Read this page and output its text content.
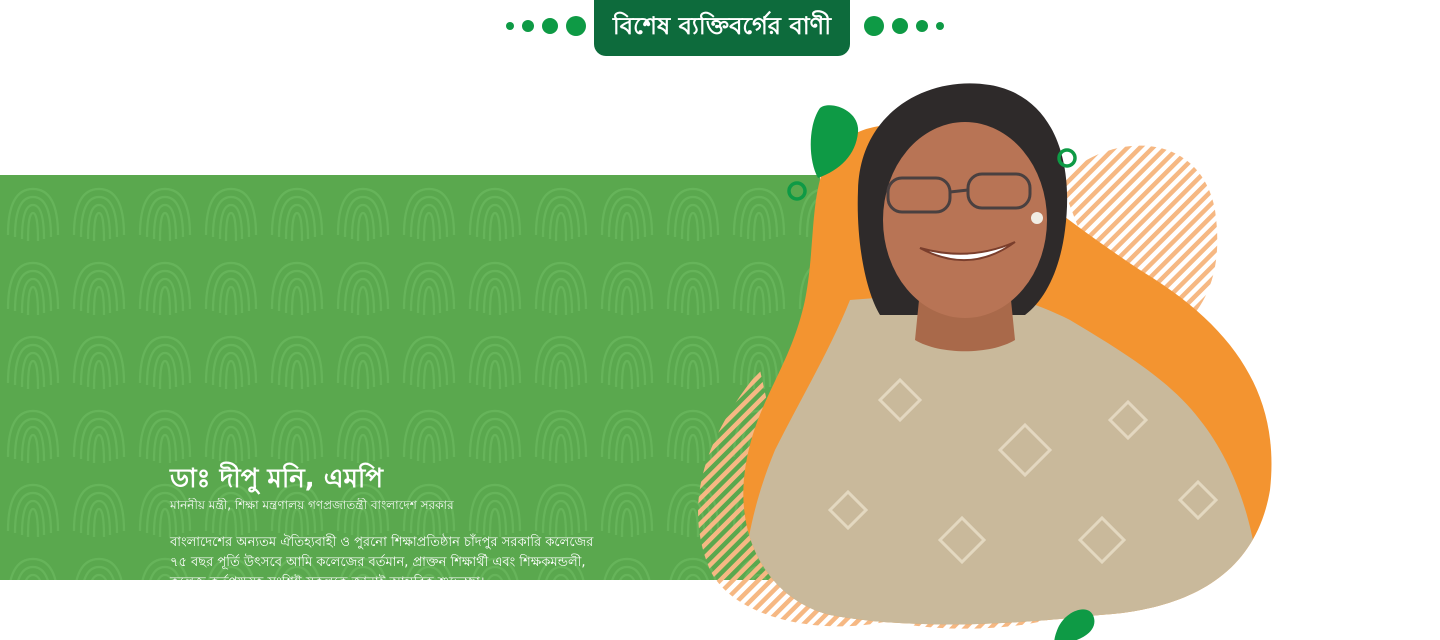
বিশেষ ব্যক্তিবর্গের বাণী
ডাঃ দীপু মনি, এমপি

মাননীয় মন্ত্রী, শিক্ষা মন্ত্রণালয় গণপ্রজাতন্ত্রী বাংলাদেশ সরকার

বাংলাদেশের অন্যতম ঐতিহ্যবাহী ও পুরনো শিক্ষাপ্রতিষ্ঠান চাঁদপুর সরকারি কলেজের
৭৫ বছর পূর্তি উৎসবে আমি কলেজের বর্তমান, প্রাক্তন শিক্ষার্থী এবং শিক্ষকমন্ডলী,
কলেজ কর্তৃপক্ষসহ সংশ্লিষ্ট সকলকে জানাই আন্তরিক শুভেচ্ছা।
